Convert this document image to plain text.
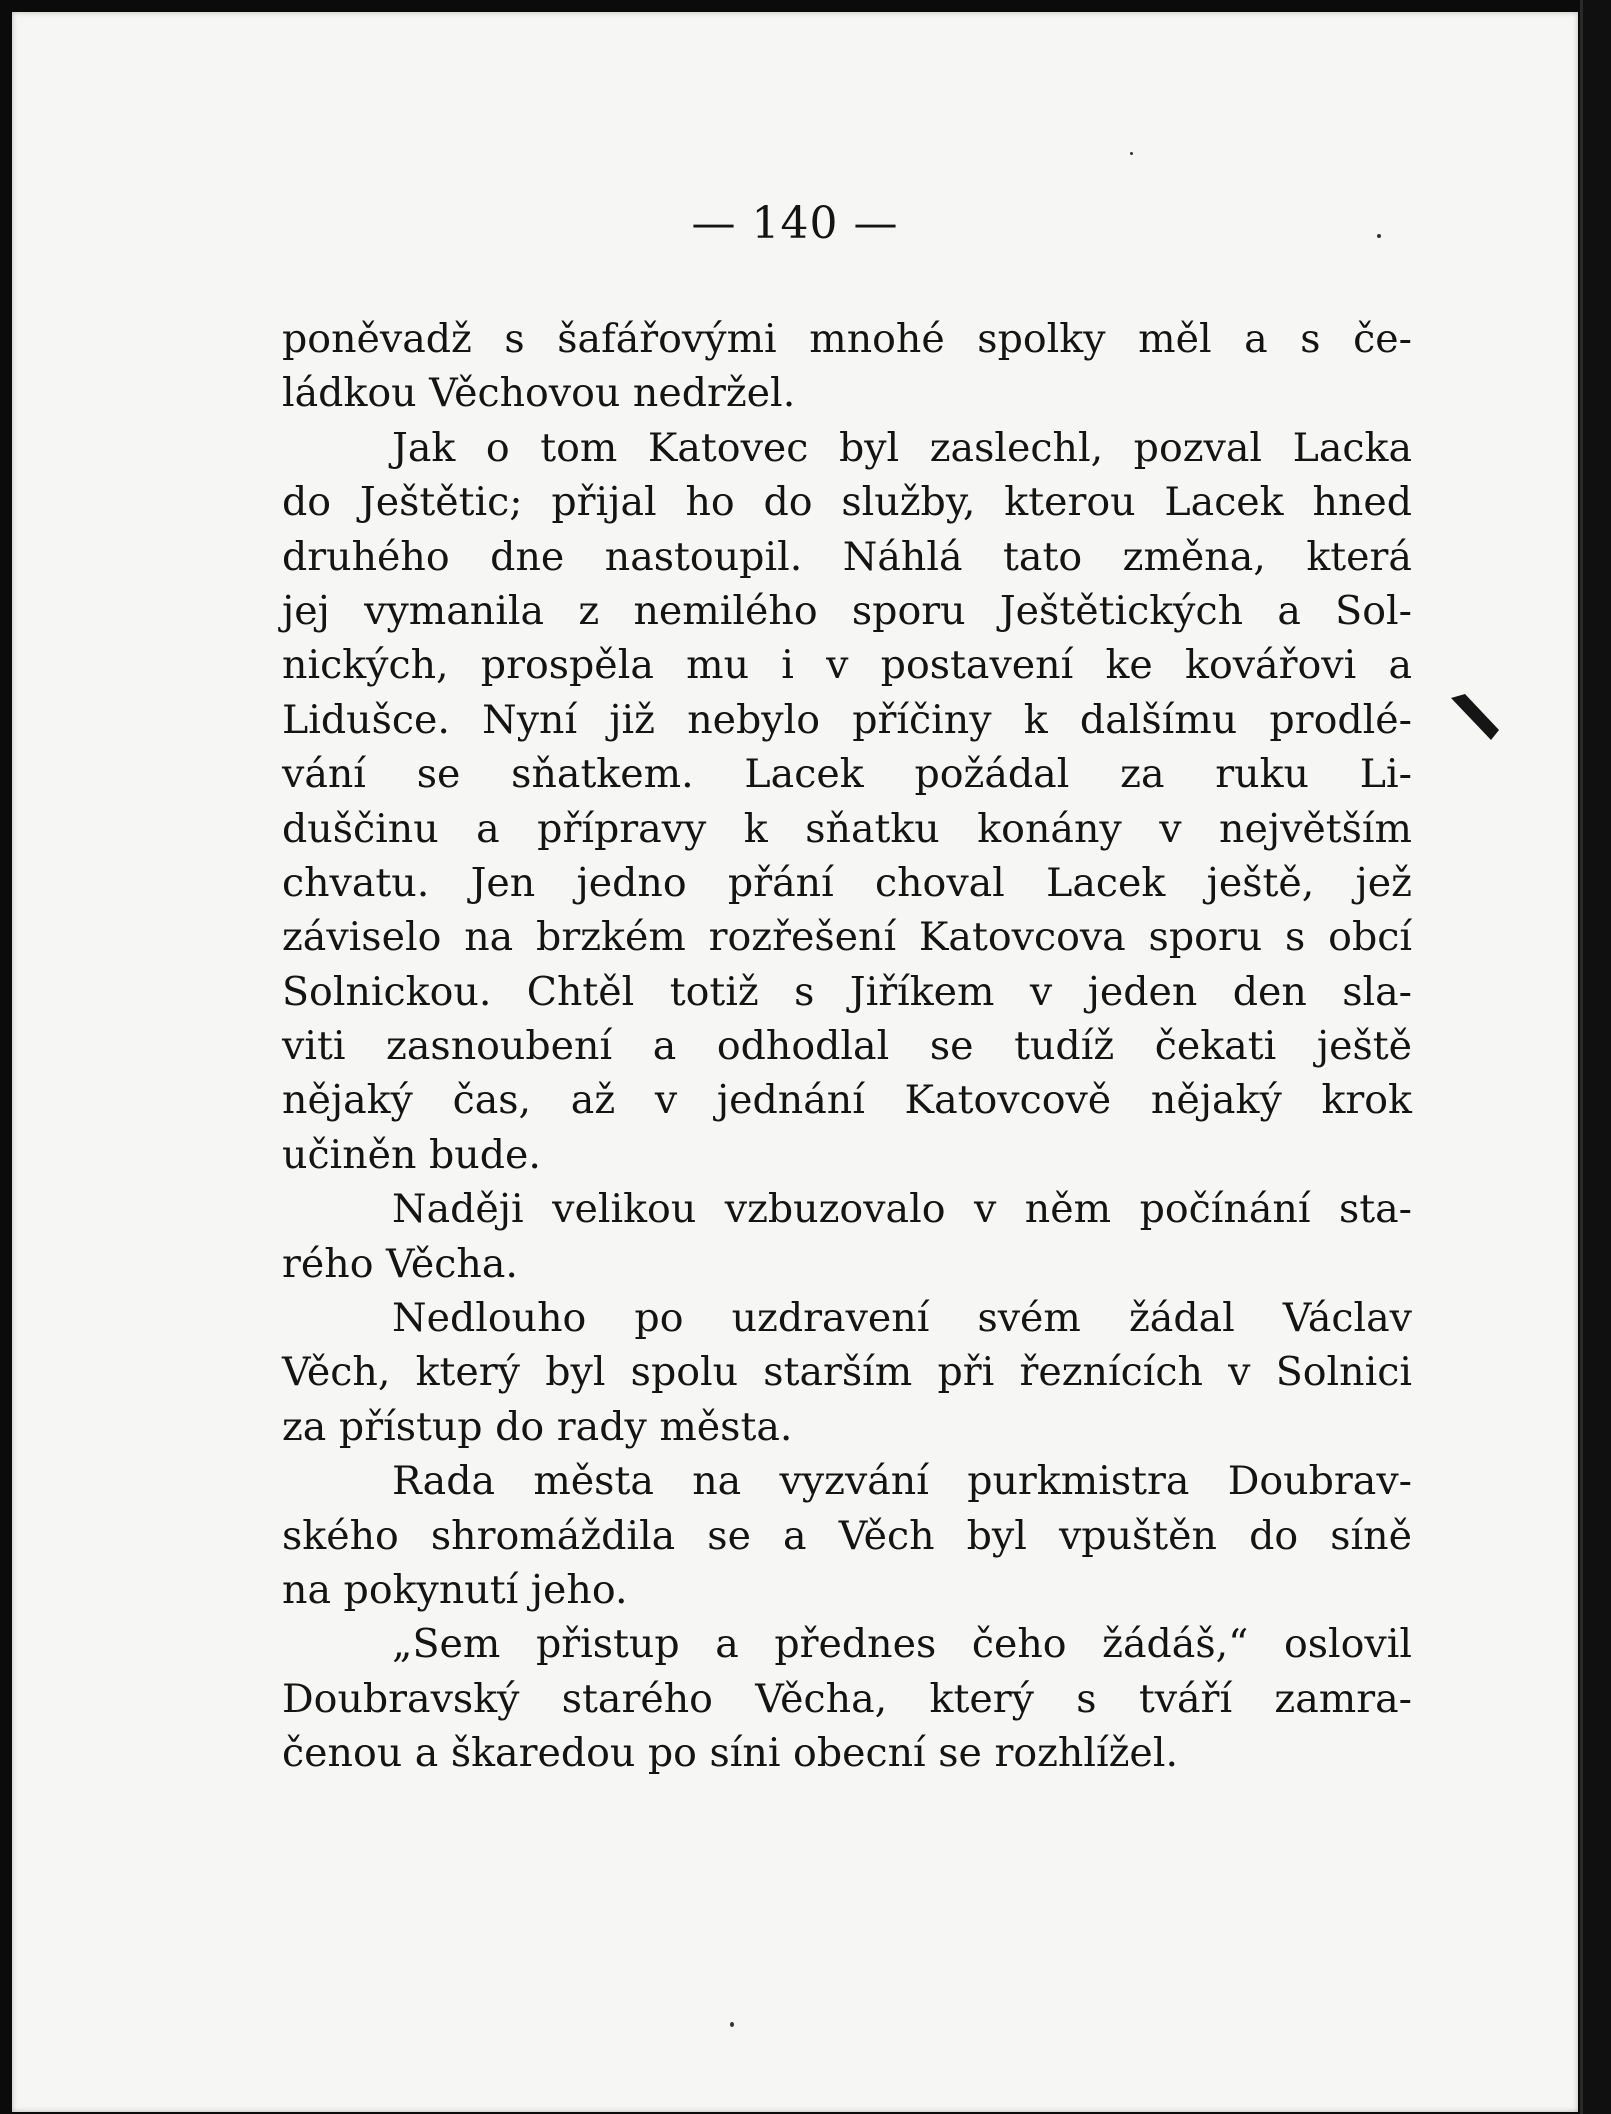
— 140 —
poněvadž s šafářovými mnohé spolky měl a s če-
ládkou Věchovou nedržel.
Jak o tom Katovec byl zaslechl, pozval Lacka
do Ještětic; přijal ho do služby, kterou Lacek hned
druhého dne nastoupil. Náhlá tato změna, která
jej vymanila z nemilého sporu Ještětických a Sol-
nických, prospěla mu i v postavení ke kovářovi a
Lidušce. Nyní již nebylo příčiny k dalšímu prodlé-
vání se sňatkem. Lacek požádal za ruku Li-
duščinu a přípravy k sňatku konány v největším
chvatu. Jen jedno přání choval Lacek ještě, jež
záviselo na brzkém rozřešení Katovcova sporu s obcí
Solnickou. Chtěl totiž s Jiříkem v jeden den sla-
viti zasnoubení a odhodlal se tudíž čekati ještě
nějaký čas, až v jednání Katovcově nějaký krok
učiněn bude.
Naději velikou vzbuzovalo v něm počínání sta-
rého Věcha.
Nedlouho po uzdravení svém žádal Václav
Věch, který byl spolu starším při řeznících v Solnici
za přístup do rady města.
Rada města na vyzvání purkmistra Doubrav-
ského shromáždila se a Věch byl vpuštěn do síně
na pokynutí jeho.
„Sem přistup a přednes čeho žádáš,“ oslovil
Doubravský starého Věcha, který s tváří zamra-
čenou a škaredou po síni obecní se rozhlížel.
